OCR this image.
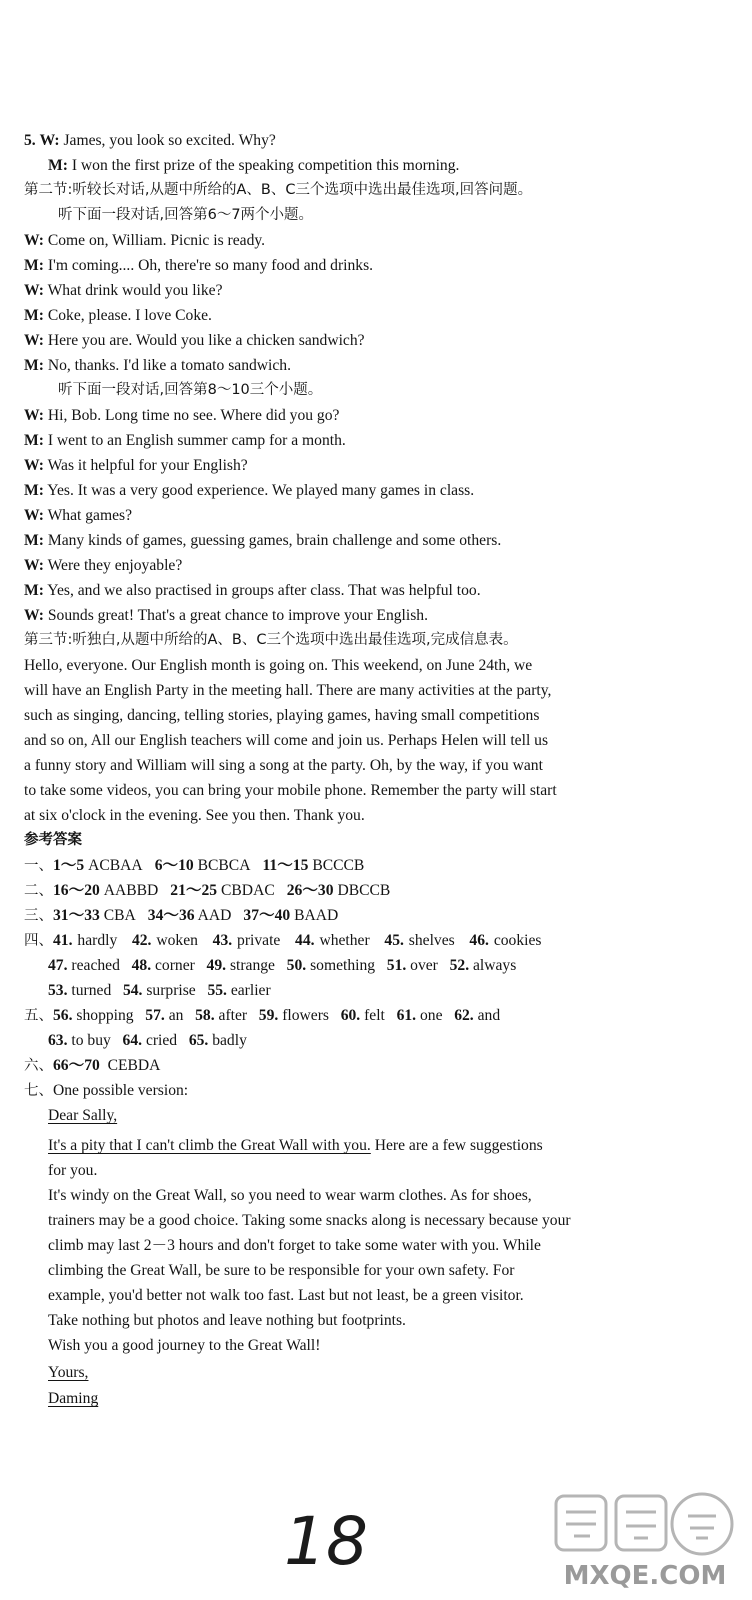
5. W: James, you look so excited. Why?
M: I won the first prize of the speaking competition this morning.
第二节:听较长对话,从题中所给的A、B、C三个选项中选出最佳选项,回答问题。
听下面一段对话,回答第6～7两个小题。
W: Come on, William. Picnic is ready.
M: I'm coming.... Oh, there're so many food and drinks.
W: What drink would you like?
M: Coke, please. I love Coke.
W: Here you are. Would you like a chicken sandwich?
M: No, thanks. I'd like a tomato sandwich.
听下面一段对话,回答第8～10三个小题。
W: Hi, Bob. Long time no see. Where did you go?
M: I went to an English summer camp for a month.
W: Was it helpful for your English?
M: Yes. It was a very good experience. We played many games in class.
W: What games?
M: Many kinds of games, guessing games, brain challenge and some others.
W: Were they enjoyable?
M: Yes, and we also practised in groups after class. That was helpful too.
W: Sounds great! That's a great chance to improve your English.
第三节:听独白,从题中所给的A、B、C三个选项中选出最佳选项,完成信息表。
Hello, everyone. Our English month is going on. This weekend, on June 24th, we
will have an English Party in the meeting hall. There are many activities at the party,
such as singing, dancing, telling stories, playing games, having small competitions
and so on, All our English teachers will come and join us. Perhaps Helen will tell us
a funny story and William will sing a song at the party. Oh, by the way, if you want
to take some videos, you can bring your mobile phone. Remember the party will start
at six o'clock in the evening. See you then. Thank you.
参考答案
一、1～5 ACBAA 6～10 BCBCA 11～15 BCCCB
二、16～20 AABBD 21～25 CBDAC 26～30 DBCCB
三、31～33 CBA 34～36 AAD 37～40 BAAD
四、41. hardly 42. woken 43. private 44. whether 45. shelves 46. cookies
47. reached 48. corner 49. strange 50. something 51. over 52. always
53. turned 54. surprise 55. earlier
五、56. shopping 57. an 58. after 59. flowers 60. felt 61. one 62. and
63. to buy 64. cried 65. badly
六、66～70 CEBDA
七、One possible version:
Dear Sally,
It's a pity that I can't climb the Great Wall with you. Here are a few suggestions
for you.
It's windy on the Great Wall, so you need to wear warm clothes. As for shoes,
trainers may be a good choice. Taking some snacks along is necessary because your
climb may last 2－3 hours and don't forget to take some water with you. While
climbing the Great Wall, be sure to be responsible for your own safety. For
example, you'd better not walk too fast. Last but not least, be a green visitor.
Take nothing but photos and leave nothing but footprints.
Wish you a good journey to the Great Wall!
Yours,
Daming
18	MXQE.COM
